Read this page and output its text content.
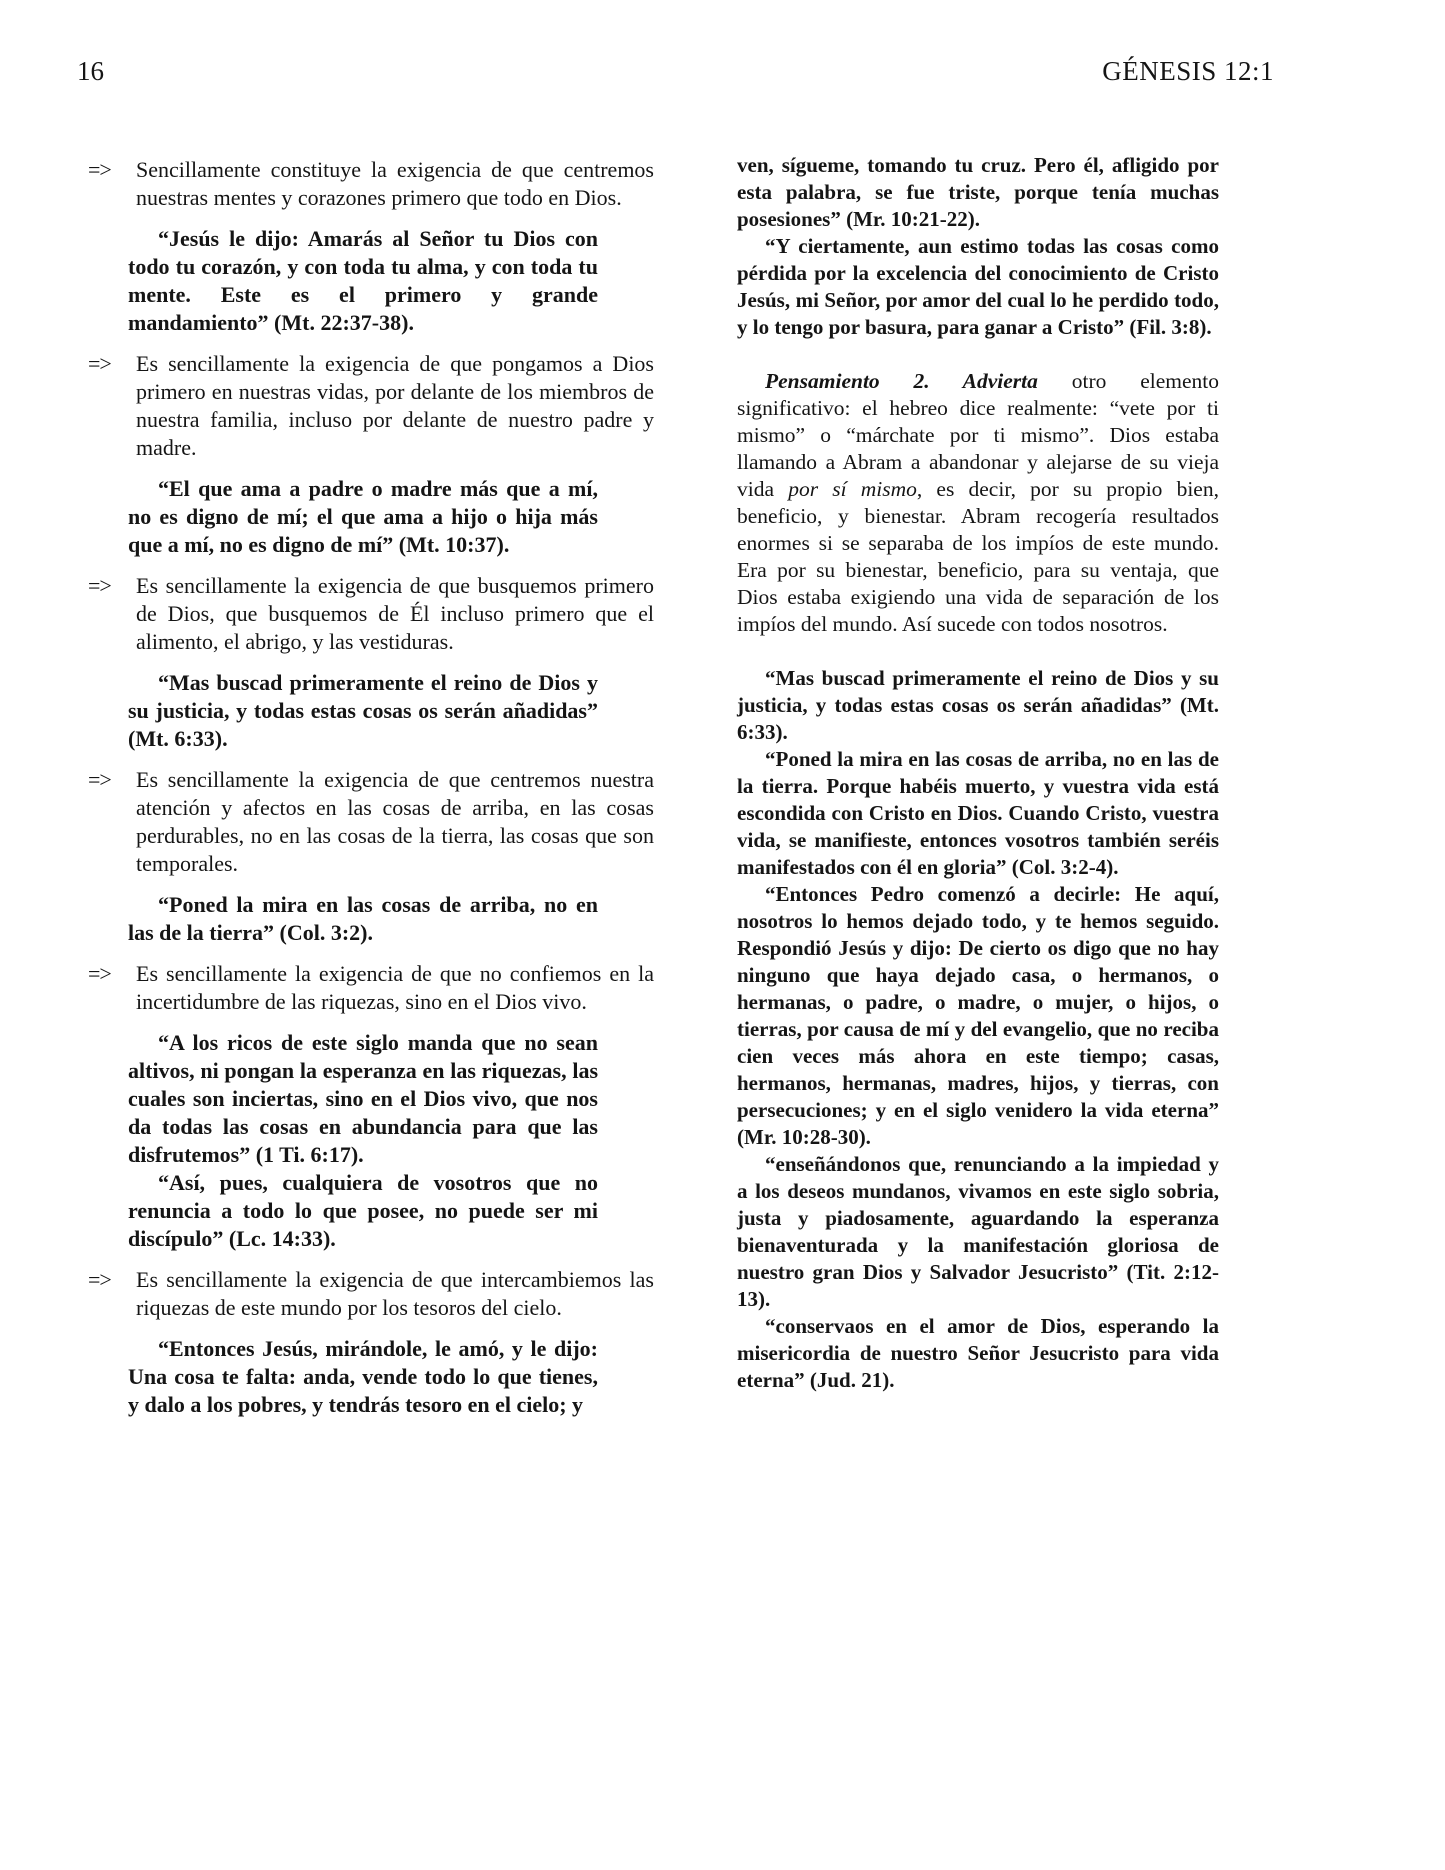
16	GÉNESIS 12:1
=>	Sencillamente constituye la exigencia de que centremos nuestras mentes y corazones primero que todo en Dios.

“Jesús le dijo: Amarás al Señor tu Dios con todo tu corazón, y con toda tu alma, y con toda tu mente. Este es el primero y grande mandamiento” (Mt. 22:37-38).

=>	Es sencillamente la exigencia de que pongamos a Dios primero en nuestras vidas, por delante de los miembros de nuestra familia, incluso por delante de nuestro padre y madre.

“El que ama a padre o madre más que a mí, no es digno de mí; el que ama a hijo o hija más que a mí, no es digno de mí” (Mt. 10:37).

=>	Es sencillamente la exigencia de que busquemos primero de Dios, que busquemos de Él incluso primero que el alimento, el abrigo, y las vestiduras.

“Mas buscad primeramente el reino de Dios y su justicia, y todas estas cosas os serán añadidas” (Mt. 6:33).

=>	Es sencillamente la exigencia de que centremos nuestra atención y afectos en las cosas de arriba, en las cosas perdurables, no en las cosas de la tierra, las cosas que son temporales.

“Poned la mira en las cosas de arriba, no en las de la tierra” (Col. 3:2).

=>	Es sencillamente la exigencia de que no confiemos en la incertidumbre de las riquezas, sino en el Dios vivo.

“A los ricos de este siglo manda que no sean altivos, ni pongan la esperanza en las riquezas, las cuales son inciertas, sino en el Dios vivo, que nos da todas las cosas en abundancia para que las disfrutemos” (1 Ti. 6:17).

“Así, pues, cualquiera de vosotros que no renuncia a todo lo que posee, no puede ser mi discípulo” (Lc. 14:33).

=>	Es sencillamente la exigencia de que intercambiemos las riquezas de este mundo por los tesoros del cielo.

“Entonces Jesús, mirándole, le amó, y le dijo: Una cosa te falta: anda, vende todo lo que tienes, y dalo a los pobres, y tendrás tesoro en el cielo; y

ven, sígueme, tomando tu cruz. Pero él, afligido por esta palabra, se fue triste, porque tenía muchas posesiones” (Mr. 10:21-22).

“Y ciertamente, aun estimo todas las cosas como pérdida por la excelencia del conocimiento de Cristo Jesús, mi Señor, por amor del cual lo he perdido todo, y lo tengo por basura, para ganar a Cristo” (Fil. 3:8).

Pensamiento 2. Advierta otro elemento significativo: el hebreo dice realmente: “vete por ti mismo” o “márchate por ti mismo”. Dios estaba llamando a Abram a abandonar y alejarse de su vieja vida por sí mismo, es decir, por su propio bien, beneficio, y bienestar. Abram recogería resultados enormes si se separaba de los impíos de este mundo. Era por su bienestar, beneficio, para su ventaja, que Dios estaba exigiendo una vida de separación de los impíos del mundo. Así sucede con todos nosotros.

“Mas buscad primeramente el reino de Dios y su justicia, y todas estas cosas os serán añadidas” (Mt. 6:33).

“Poned la mira en las cosas de arriba, no en las de la tierra. Porque habéis muerto, y vuestra vida está escondida con Cristo en Dios. Cuando Cristo, vuestra vida, se manifieste, entonces vosotros también seréis manifestados con él en gloria” (Col. 3:2-4).

“Entonces Pedro comenzó a decirle: He aquí, nosotros lo hemos dejado todo, y te hemos seguido. Respondió Jesús y dijo: De cierto os digo que no hay ninguno que haya dejado casa, o hermanos, o hermanas, o padre, o madre, o mujer, o hijos, o tierras, por causa de mí y del evangelio, que no reciba cien veces más ahora en este tiempo; casas, hermanos, hermanas, madres, hijos, y tierras, con persecuciones; y en el siglo venidero la vida eterna” (Mr. 10:28-30).

“enseñándonos que, renunciando a la impiedad y a los deseos mundanos, vivamos en este siglo sobria, justa y piadosamente, aguardando la esperanza bienaventurada y la manifestación gloriosa de nuestro gran Dios y Salvador Jesucristo” (Tit. 2:12-13).

“conservaos en el amor de Dios, esperando la misericordia de nuestro Señor Jesucristo para vida eterna” (Jud. 21).
